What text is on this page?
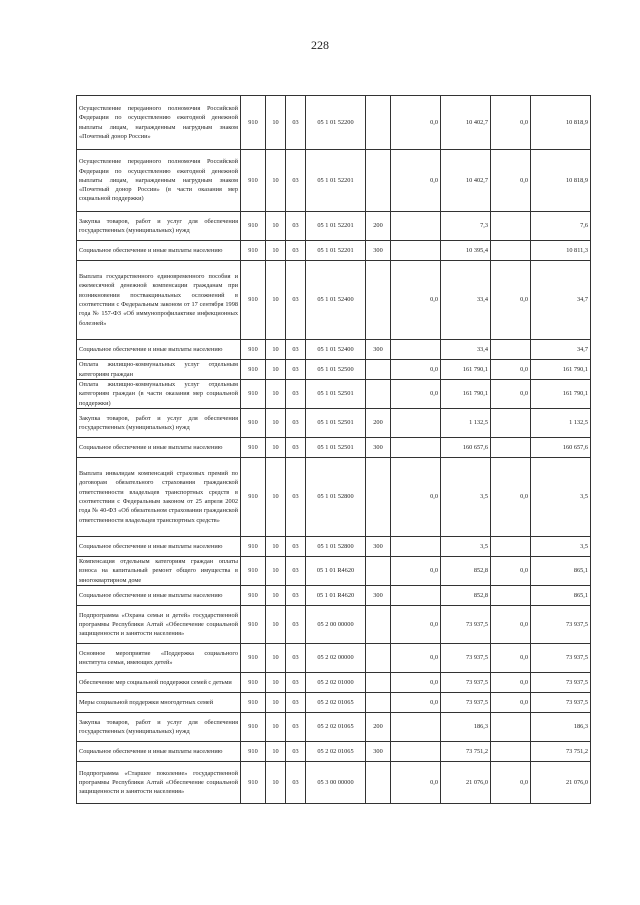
228
Осуществление переданного полномочия Российской Федерации по осуществлению ежегодной денежной выплаты лицам, награжденным нагрудным знаком «Почетный донор России»	910	10	03	05 1 01 52200		0,0	10 402,7	0,0	10 818,9
Осуществление переданного полномочия Российской Федерации по осуществлению ежегодной денежной выплаты лицам, награжденным нагрудным знаком «Почетный донор России» (в части оказания мер социальной поддержки)	910	10	03	05 1 01 52201		0,0	10 402,7	0,0	10 818,9
Закупка товаров, работ и услуг для обеспечения государственных (муниципальных) нужд	910	10	03	05 1 01 52201	200		7,3		7,6
Социальное обеспечение и иные выплаты населению	910	10	03	05 1 01 52201	300		10 395,4		10 811,3
Выплата государственного единовременного пособия и ежемесячной денежной компенсации гражданам при возникновении поствакцинальных осложнений в соответствии с Федеральным законом от 17 сентября 1998 года № 157-ФЗ «Об иммунопрофилактике инфекционных болезней»	910	10	03	05 1 01 52400		0,0	33,4	0,0	34,7
Социальное обеспечение и иные выплаты населению	910	10	03	05 1 01 52400	300		33,4		34,7
Оплата жилищно-коммунальных услуг отдельным категориям граждан	910	10	03	05 1 01 52500		0,0	161 790,1	0,0	161 790,1
Оплата жилищно-коммунальных услуг отдельным категориям граждан (в части оказания мер социальной поддержки)	910	10	03	05 1 01 52501		0,0	161 790,1	0,0	161 790,1
Закупка товаров, работ и услуг для обеспечения государственных (муниципальных) нужд	910	10	03	05 1 01 52501	200		1 132,5		1 132,5
Социальное обеспечение и иные выплаты населению	910	10	03	05 1 01 52501	300		160 657,6		160 657,6
Выплата инвалидам компенсаций страховых премий по договорам обязательного страхования гражданской ответственности владельцев транспортных средств в соответствии с Федеральным законом от 25 апреля 2002 года № 40-ФЗ «Об обязательном страховании гражданской ответственности владельцев транспортных средств»	910	10	03	05 1 01 52800		0,0	3,5	0,0	3,5
Социальное обеспечение и иные выплаты населению	910	10	03	05 1 01 52800	300		3,5		3,5
Компенсация отдельным категориям граждан оплаты взноса на капитальный ремонт общего имущества в многоквартирном доме	910	10	03	05 1 01 R4620		0,0	852,8	0,0	865,1
Социальное обеспечение и иные выплаты населению	910	10	03	05 1 01 R4620	300		852,8		865,1
Подпрограмма «Охрана семьи и детей» государственной программы Республики Алтай «Обеспечение социальной защищенности и занятости населения»	910	10	03	05 2 00 00000		0,0	73 937,5	0,0	73 937,5
Основное мероприятие «Поддержка социального института семьи, имеющих детей»	910	10	03	05 2 02 00000		0,0	73 937,5	0,0	73 937,5
Обеспечение мер социальной поддержки семей с детьми	910	10	03	05 2 02 01000		0,0	73 937,5	0,0	73 937,5
Меры социальной поддержки многодетных семей	910	10	03	05 2 02 01065		0,0	73 937,5	0,0	73 937,5
Закупка товаров, работ и услуг для обеспечения государственных (муниципальных) нужд	910	10	03	05 2 02 01065	200		186,3		186,3
Социальное обеспечение и иные выплаты населению	910	10	03	05 2 02 01065	300		73 751,2		73 751,2
Подпрограмма «Старшее поколение» государственной программы Республики Алтай «Обеспечение социальной защищенности и занятости населения»	910	10	03	05 3 00 00000		0,0	21 076,0	0,0	21 076,0
